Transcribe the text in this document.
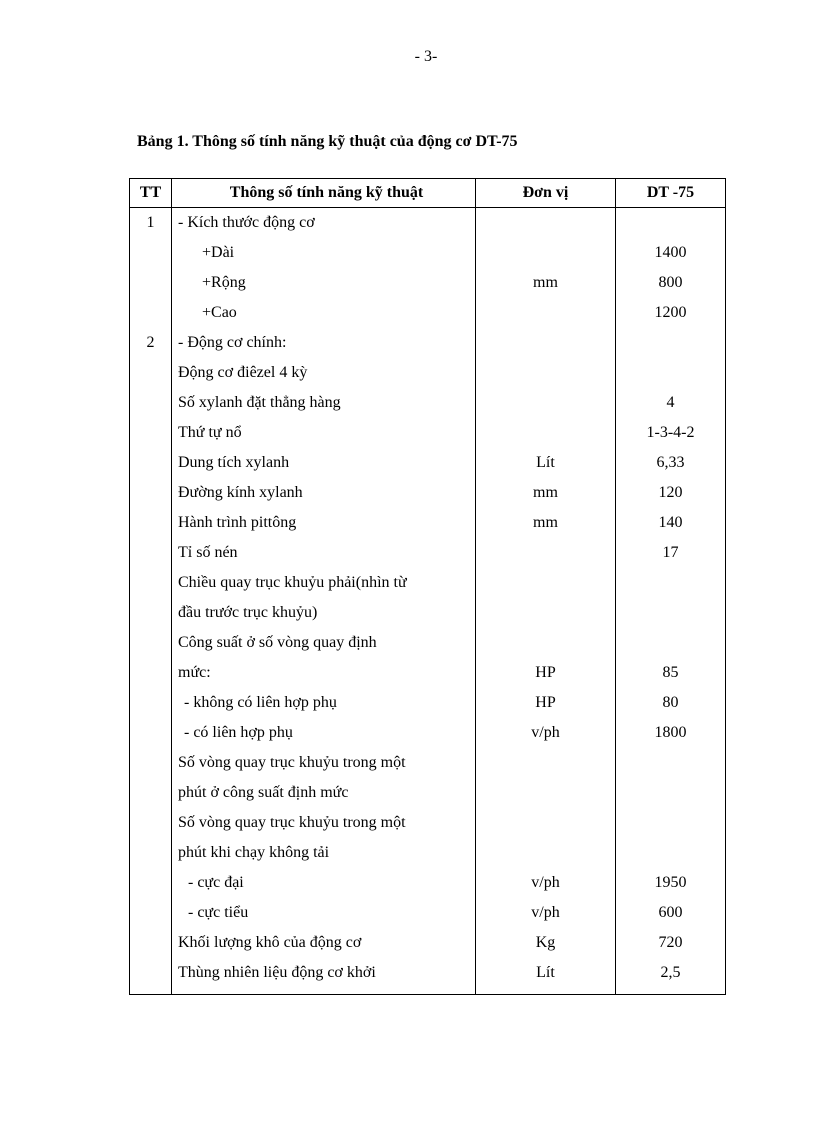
- 3-
Bảng 1. Thông số tính năng kỹ thuật của động cơ DT-75
TT	Thông số tính năng kỹ thuật	Đơn vị	DT -75
1	- Kích thước động cơ		
	+Dài		1400
	+Rộng	mm	800
	+Cao		1200
2	- Động cơ chính:		
	Động cơ điêzel 4 kỳ		
	Số xylanh đặt thẳng hàng		4
	Thứ tự nổ		1-3-4-2
	Dung tích xylanh	Lít	6,33
	Đường kính xylanh	mm	120
	Hành trình pittông	mm	140
	Tỉ số nén		17
	Chiều quay trục khuỷu phải(nhìn từ		
	đầu trước trục khuỷu)		
	Công suất ở số vòng quay định		
	mức:	HP	85
	- không có liên hợp phụ	HP	80
	- có liên hợp phụ	v/ph	1800
	Số vòng quay trục khuỷu trong một		
	phút ở công suất định mức		
	Số vòng quay trục khuỷu trong một		
	phút khi chạy không tải		
	- cực đại	v/ph	1950
	- cực tiểu	v/ph	600
	Khối lượng khô của động cơ	Kg	720
	Thùng nhiên liệu động cơ khởi	Lít	2,5
